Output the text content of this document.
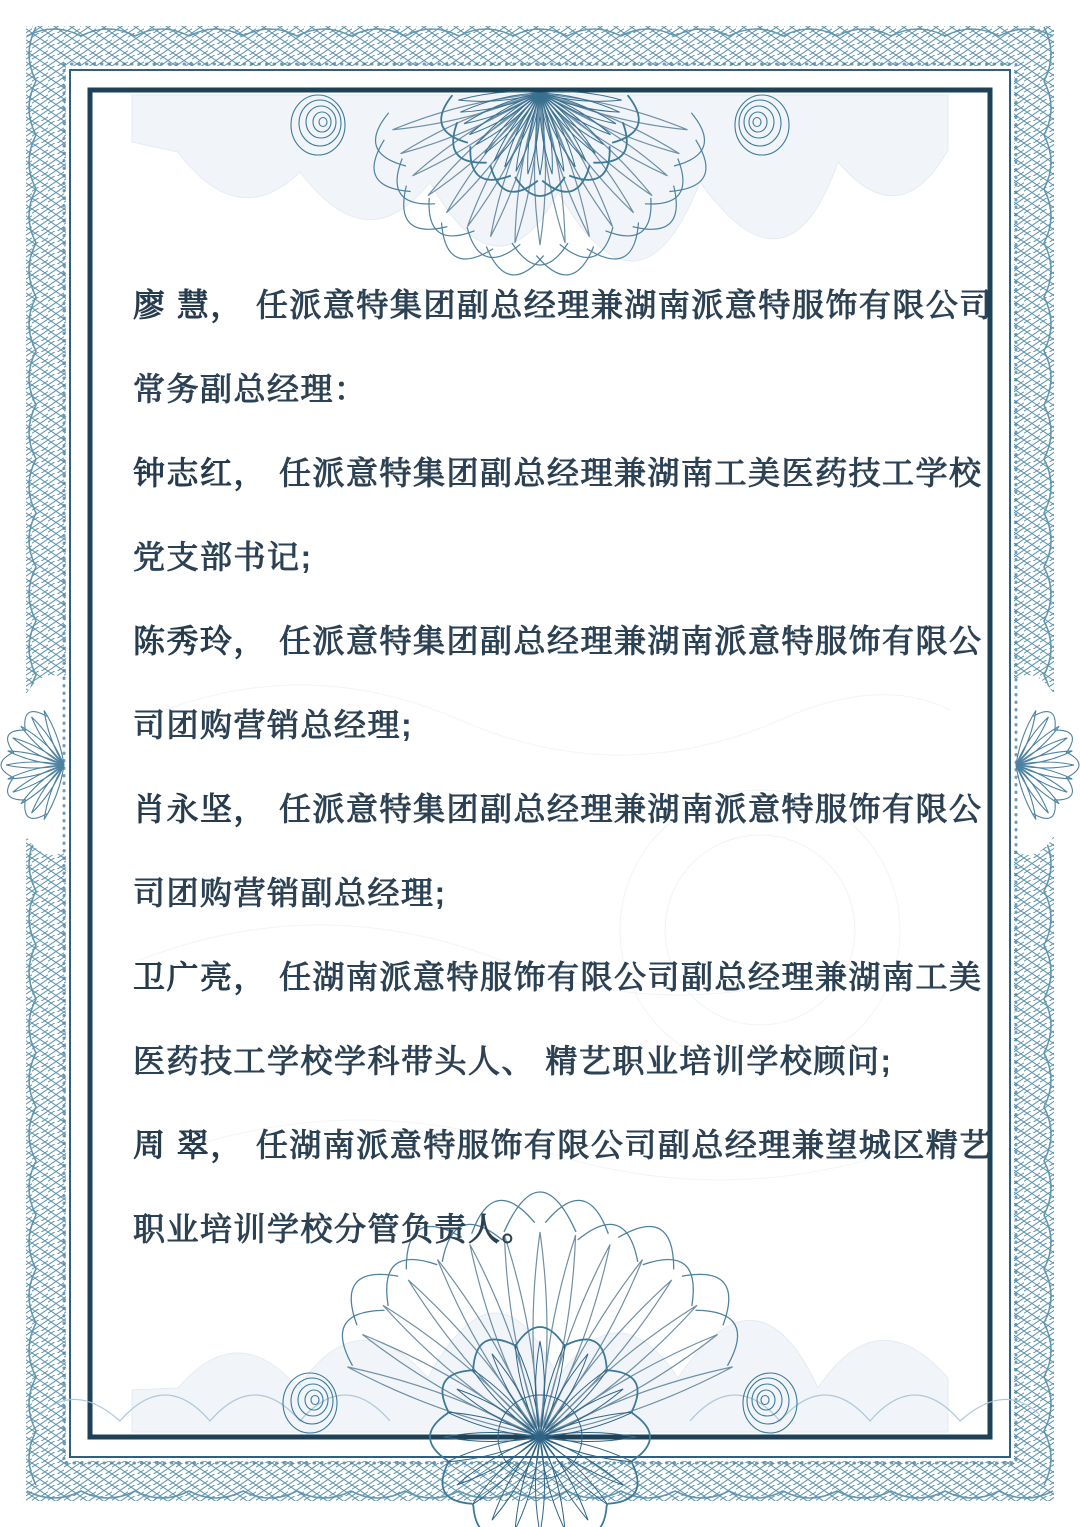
廖 慧， 任派意特集团副总经理兼湖南派意特服饰有限公司
常务副总经理：
钟志红， 任派意特集团副总经理兼湖南工美医药技工学校
党支部书记;
陈秀玲， 任派意特集团副总经理兼湖南派意特服饰有限公
司团购营销总经理;
肖永坚， 任派意特集团副总经理兼湖南派意特服饰有限公
司团购营销副总经理;
卫广亮， 任湖南派意特服饰有限公司副总经理兼湖南工美
医药技工学校学科带头人、 精艺职业培训学校顾问;
周 翠， 任湖南派意特服饰有限公司副总经理兼望城区精艺
职业培训学校分管负责人。
